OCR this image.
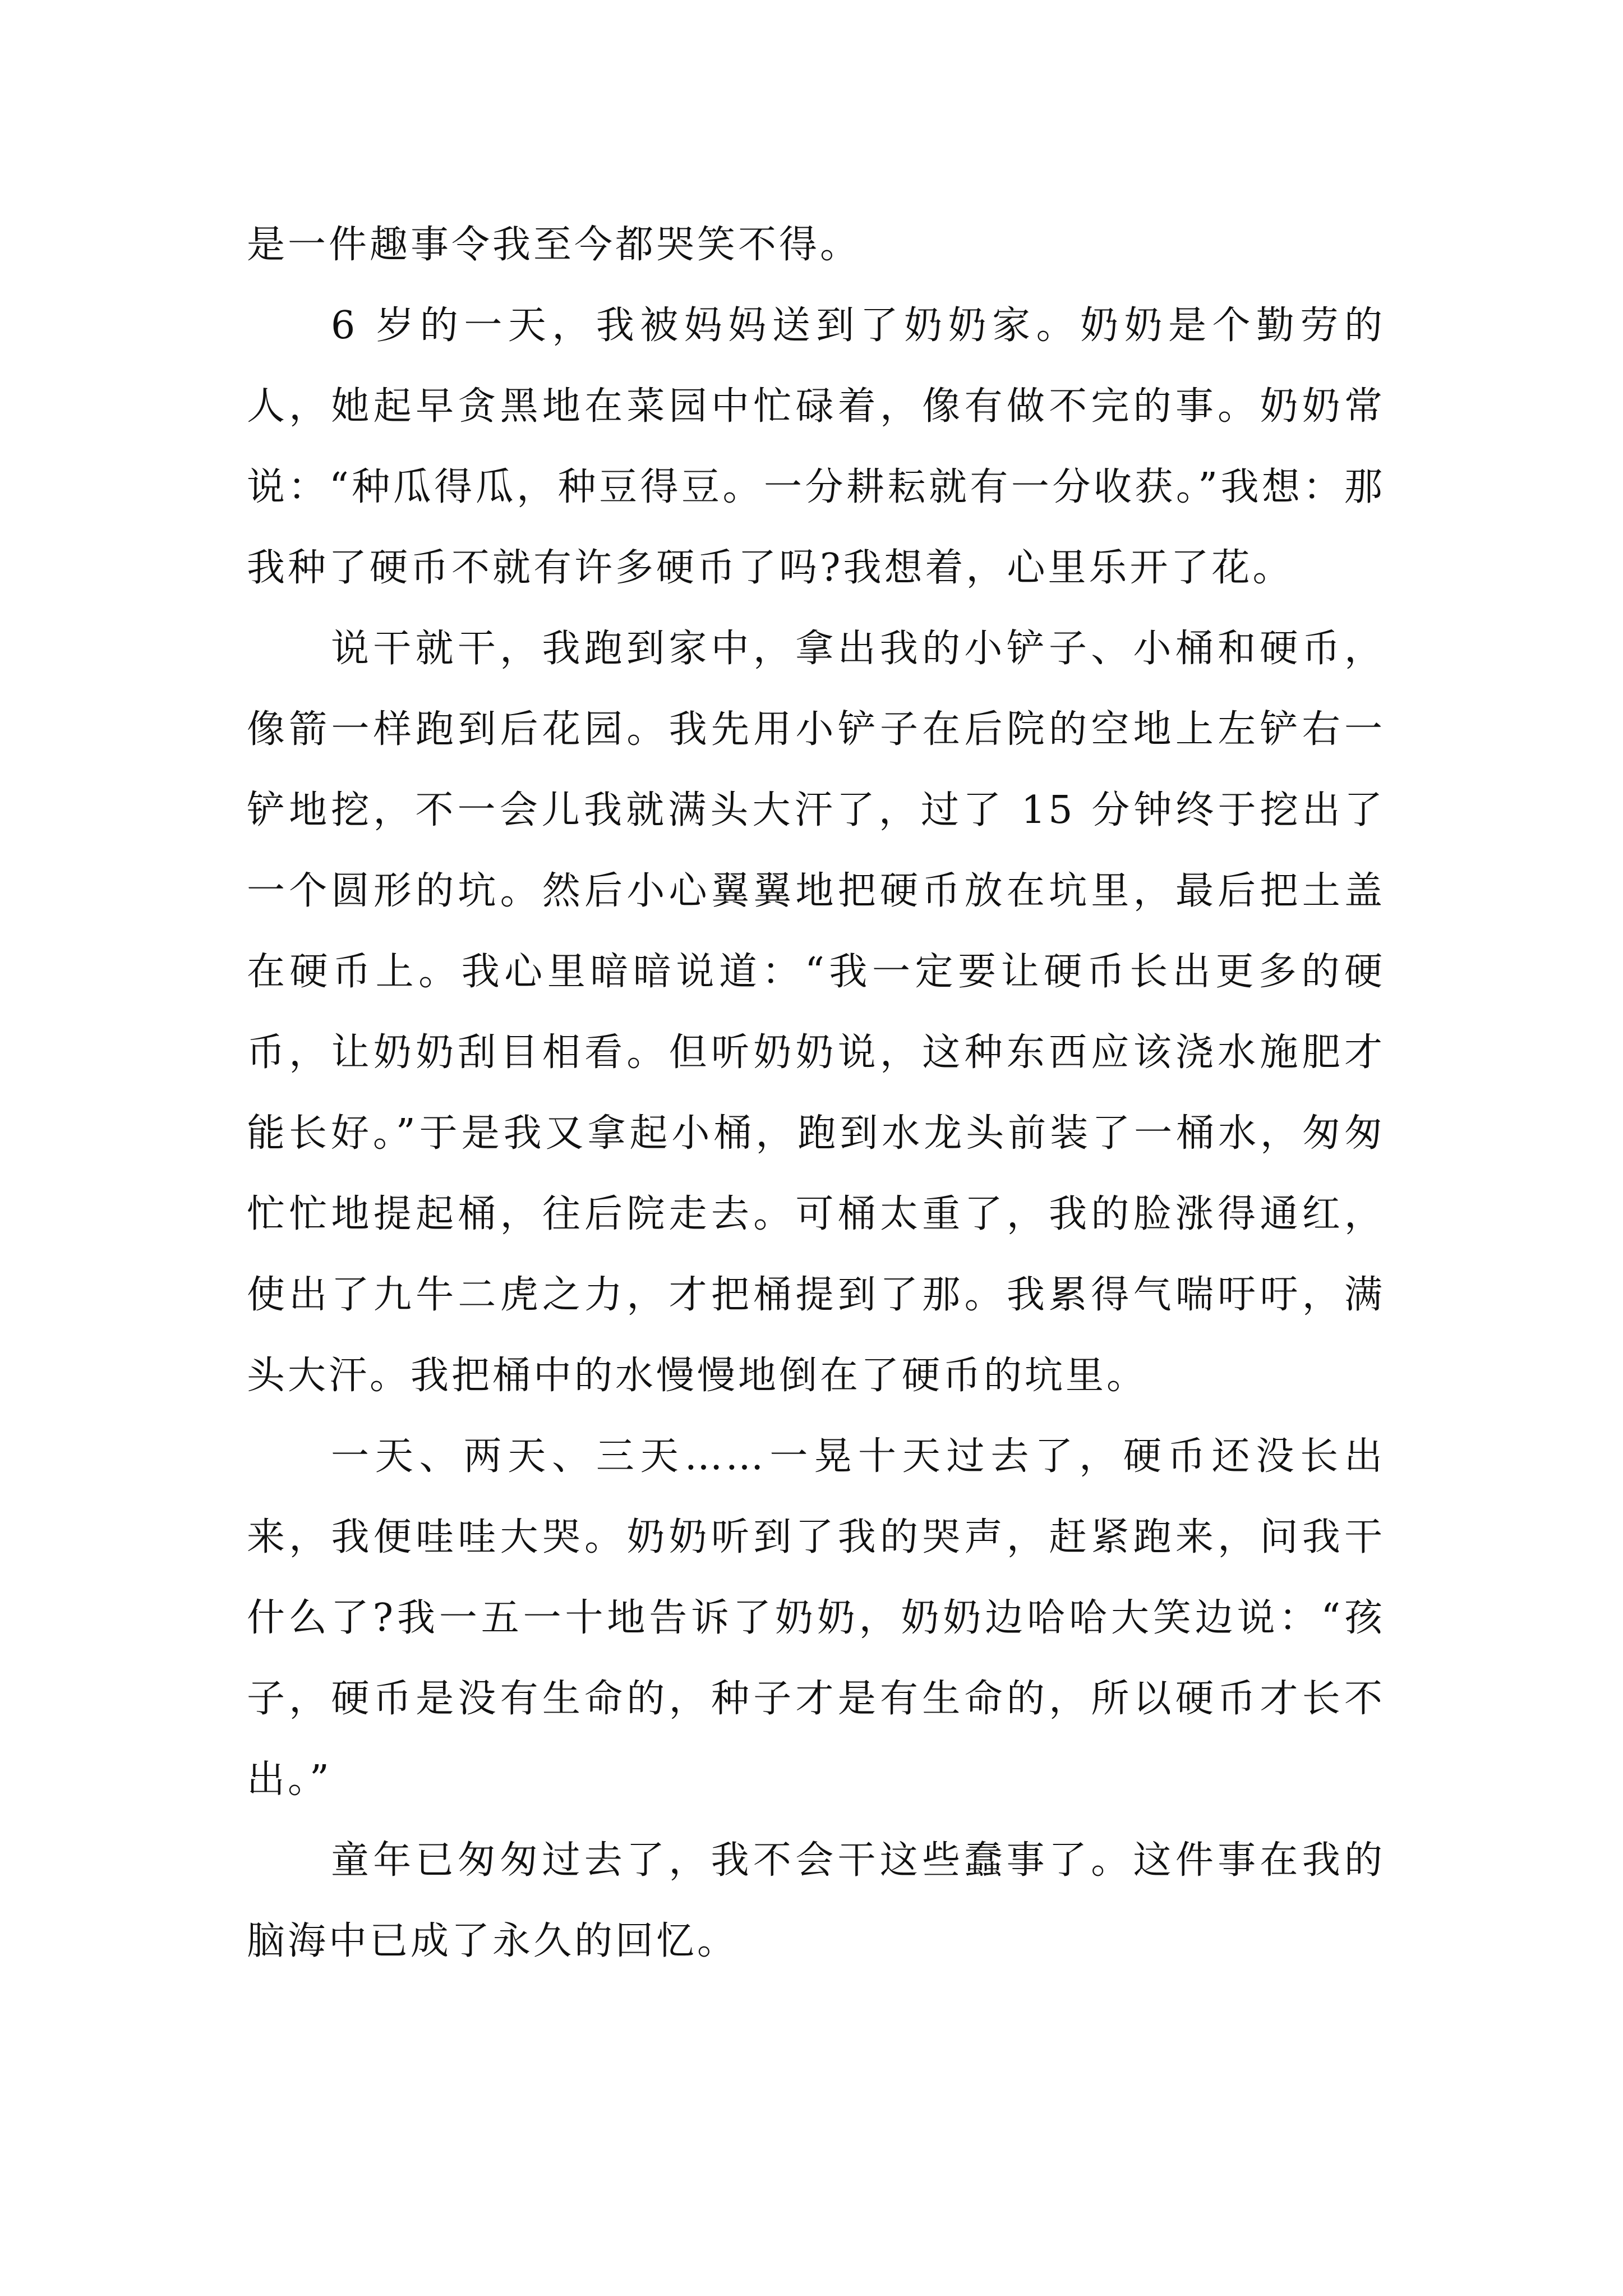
是一件趣事令我至今都哭笑不得。

6 岁的一天，我被妈妈送到了奶奶家。奶奶是个勤劳的人，她起早贪黑地在菜园中忙碌着，像有做不完的事。奶奶常说：“种瓜得瓜，种豆得豆。一分耕耘就有一分收获。”我想：那我种了硬币不就有许多硬币了吗?我想着，心里乐开了花。

说干就干，我跑到家中，拿出我的小铲子、小桶和硬币，像箭一样跑到后花园。我先用小铲子在后院的空地上左铲右一铲地挖，不一会儿我就满头大汗了，过了 15 分钟终于挖出了一个圆形的坑。然后小心翼翼地把硬币放在坑里，最后把土盖在硬币上。我心里暗暗说道：“我一定要让硬币长出更多的硬币，让奶奶刮目相看。但听奶奶说，这种东西应该浇水施肥才能长好。”于是我又拿起小桶，跑到水龙头前装了一桶水，匆匆忙忙地提起桶，往后院走去。可桶太重了，我的脸涨得通红，使出了九牛二虎之力，才把桶提到了那。我累得气喘吁吁，满头大汗。我把桶中的水慢慢地倒在了硬币的坑里。

一天、两天、三天……一晃十天过去了，硬币还没长出来，我便哇哇大哭。奶奶听到了我的哭声，赶紧跑来，问我干什么了?我一五一十地告诉了奶奶，奶奶边哈哈大笑边说：“孩子，硬币是没有生命的，种子才是有生命的，所以硬币才长不出。”

童年已匆匆过去了，我不会干这些蠢事了。这件事在我的脑海中已成了永久的回忆。
